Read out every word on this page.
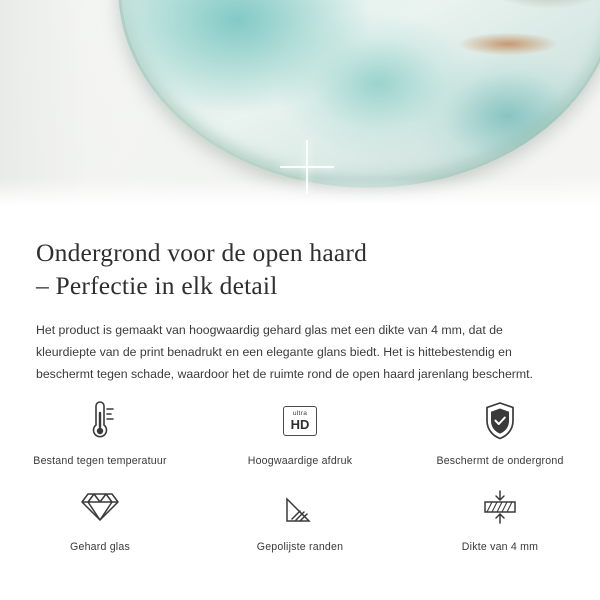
Ondergrond voor de open haard
– Perfectie in elk detail

Het product is gemaakt van hoogwaardig gehard glas met een dikte van 4 mm, dat de kleurdiepte van de print benadrukt en een elegante glans biedt. Het is hittebestendig en beschermt tegen schade, waardoor het de ruimte rond de open haard jarenlang beschermt.

Bestand tegen temperatuur
ultra
HD
Hoogwaardige afdruk	Beschermt de ondergrond
Gehard glas	Gepolijste randen	Dikte van 4 mm
